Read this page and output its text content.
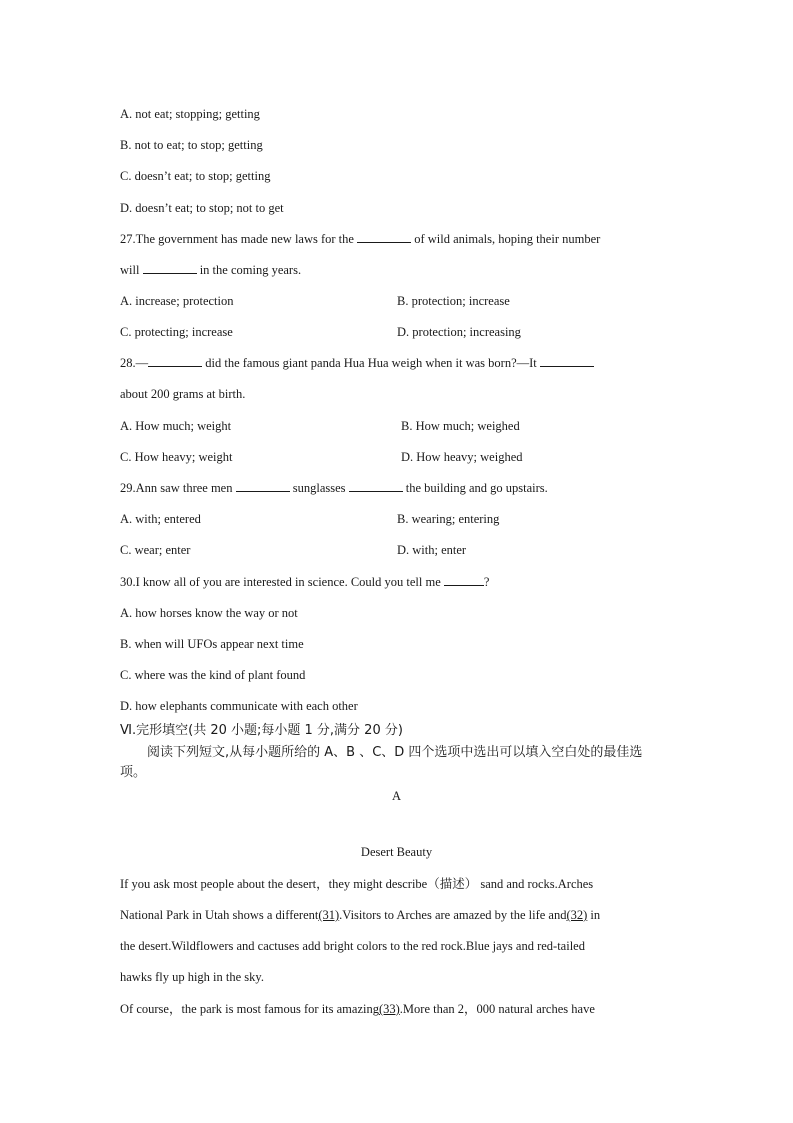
A. not eat; stopping; getting
B. not to eat; to stop; getting
C. doesn’t eat; to stop; getting
D. doesn’t eat; to stop; not to get
27.The government has made new laws for the	of wild animals, hoping their number
will	in the coming years.
A. increase; protection	B. protection; increase
C. protecting; increase	D. protection; increasing
28.—	did the famous giant panda Hua Hua weigh when it was born?—It
about 200 grams at birth.
A. How much; weight	B. How much; weighed
C. How heavy; weight	D. How heavy; weighed
29.Ann saw three men	sunglasses	the building and go upstairs.
A. with; entered	B. wearing; entering
C. wear; enter	D. with; enter
30.I know all of you are interested in science. Could you tell me	?
A. how horses know the way or not
B. when will UFOs appear next time
C. where was the kind of plant found
D. how elephants communicate with each other
Ⅵ.完形填空(共 20 小题;每小题 1 分,满分 20 分)
阅读下列短文,从每小题所给的 A、B 、C、D 四个选项中选出可以填入空白处的最佳选
项。
A
Desert Beauty
If you ask most people about the desert，they might describe（描述） sand and rocks.Arches
National Park in Utah shows a different(31).Visitors to Arches are amazed by the life and(32) in
the desert.Wildflowers and cactuses add bright colors to the red rock.Blue jays and red-tailed
hawks fly up high in the sky.
Of course，the park is most famous for its amazing(33).More than 2，000 natural arches have
